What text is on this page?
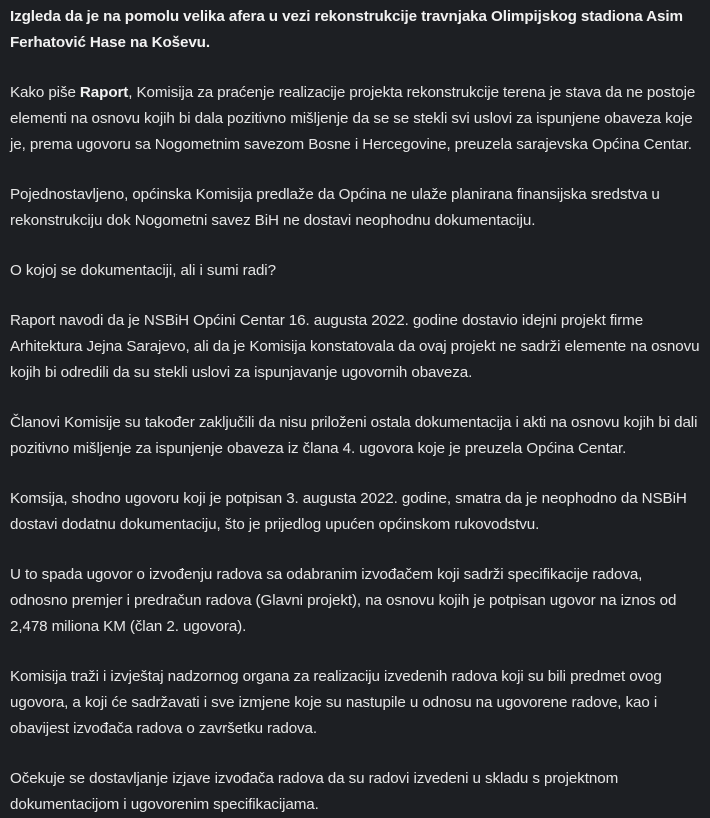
Izgleda da je na pomolu velika afera u vezi rekonstrukcije travnjaka Olimpijskog stadiona Asim Ferhatović Hase na Koševu.

Kako piše Raport, Komisija za praćenje realizacije projekta rekonstrukcije terena je stava da ne postoje elementi na osnovu kojih bi dala pozitivno mišljenje da se se stekli svi uslovi za ispunjene obaveza koje je, prema ugovoru sa Nogometnim savezom Bosne i Hercegovine, preuzela sarajevska Općina Centar.

Pojednostavljeno, općinska Komisija predlaže da Općina ne ulaže planirana finansijska sredstva u rekonstrukciju dok Nogometni savez BiH ne dostavi neophodnu dokumentaciju.

O kojoj se dokumentaciji, ali i sumi radi?

Raport navodi da je NSBiH Općini Centar 16. augusta 2022. godine dostavio idejni projekt firme Arhitektura Jejna Sarajevo, ali da je Komisija konstatovala da ovaj projekt ne sadrži elemente na osnovu kojih bi odredili da su stekli uslovi za ispunjavanje ugovornih obaveza.

Članovi Komisije su također zaključili da nisu priloženi ostala dokumentacija i akti na osnovu kojih bi dali pozitivno mišljenje za ispunjenje obaveza iz člana 4. ugovora koje je preuzela Općina Centar.

Komsija, shodno ugovoru koji je potpisan 3. augusta 2022. godine, smatra da je neophodno da NSBiH dostavi dodatnu dokumentaciju, što je prijedlog upućen općinskom rukovodstvu.

U to spada ugovor o izvođenju radova sa odabranim izvođačem koji sadrži specifikacije radova, odnosno premjer i predračun radova (Glavni projekt), na osnovu kojih je potpisan ugovor na iznos od 2,478 miliona KM (član 2. ugovora).

Komisija traži i izvještaj nadzornog organa za realizaciju izvedenih radova koji su bili predmet ovog ugovora, a koji će sadržavati i sve izmjene koje su nastupile u odnosu na ugovorene radove, kao i obavijest izvođača radova o završetku radova.

Očekuje se dostavljanje izjave izvođača radova da su radovi izvedeni u skladu s projektnom dokumentacijom i ugovorenim specifikacijama.
